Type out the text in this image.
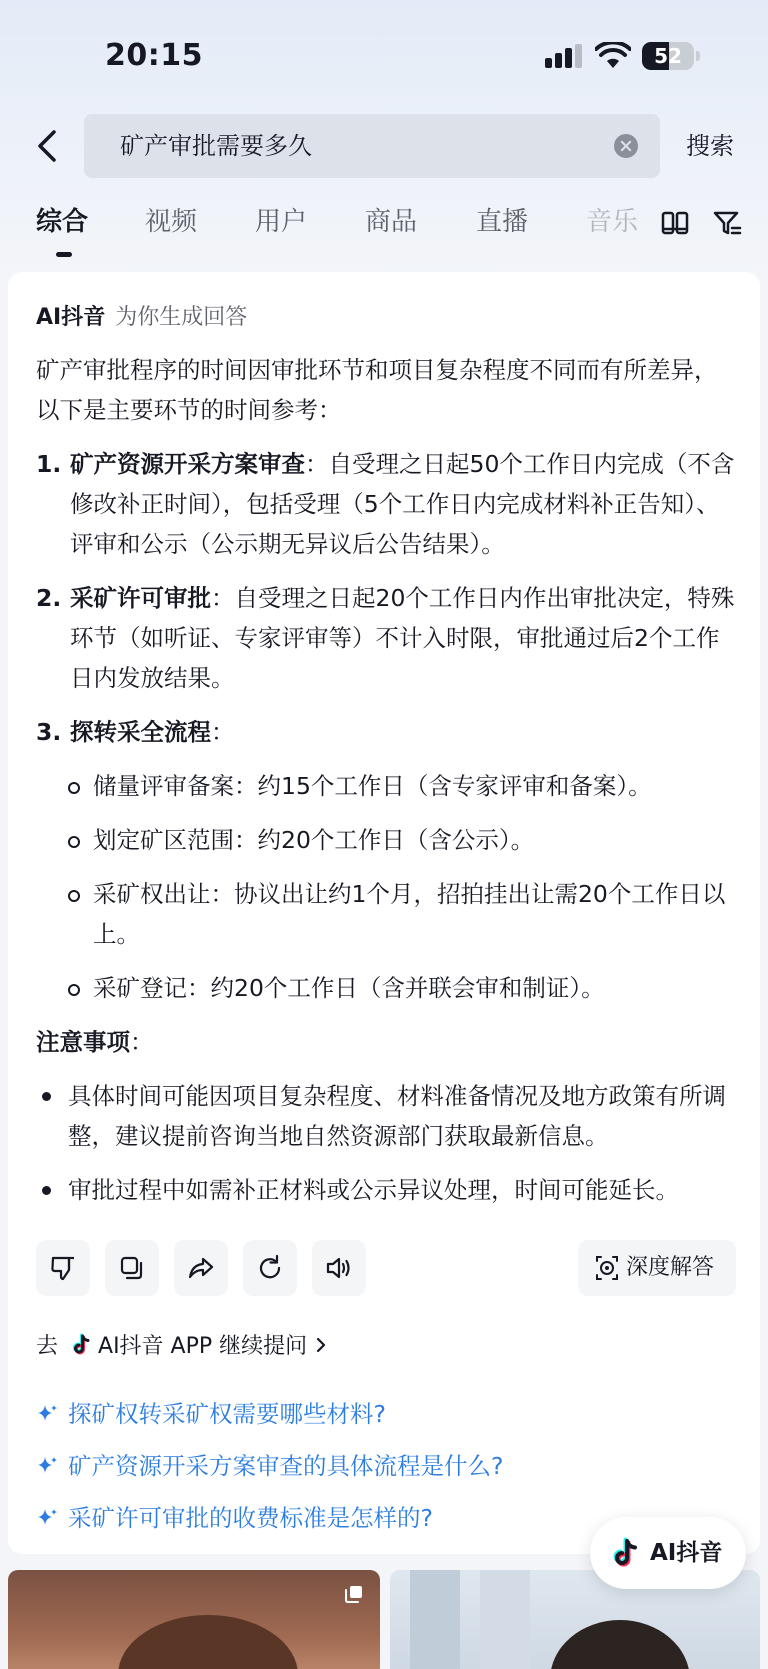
20:15	52
矿产审批需要多久	搜索
综合 视频 用户 商品 直播 音乐
AI抖音 为你生成回答
矿产审批程序的时间因审批环节和项目复杂程度不同而有所差异，以下是主要环节的时间参考：
1. 矿产资源开采方案审查：自受理之日起50个工作日内完成（不含修改补正时间），包括受理（5个工作日内完成材料补正告知）、评审和公示（公示期无异议后公告结果）。
2. 采矿许可审批：自受理之日起20个工作日内作出审批决定，特殊环节（如听证、专家评审等）不计入时限，审批通过后2个工作日内发放结果。
3. 探转采全流程：
储量评审备案：约15个工作日（含专家评审和备案）。
划定矿区范围：约20个工作日（含公示）。
采矿权出让：协议出让约1个月，招拍挂出让需20个工作日以上。
采矿登记：约20个工作日（含并联会审和制证）。
注意事项：
具体时间可能因项目复杂程度、材料准备情况及地方政策有所调整，建议提前咨询当地自然资源部门获取最新信息。
审批过程中如需补正材料或公示异议处理，时间可能延长。
深度解答
去 AI抖音 APP 继续提问
探矿权转采矿权需要哪些材料?
矿产资源开采方案审查的具体流程是什么?
采矿许可审批的收费标准是怎样的?
AI抖音
